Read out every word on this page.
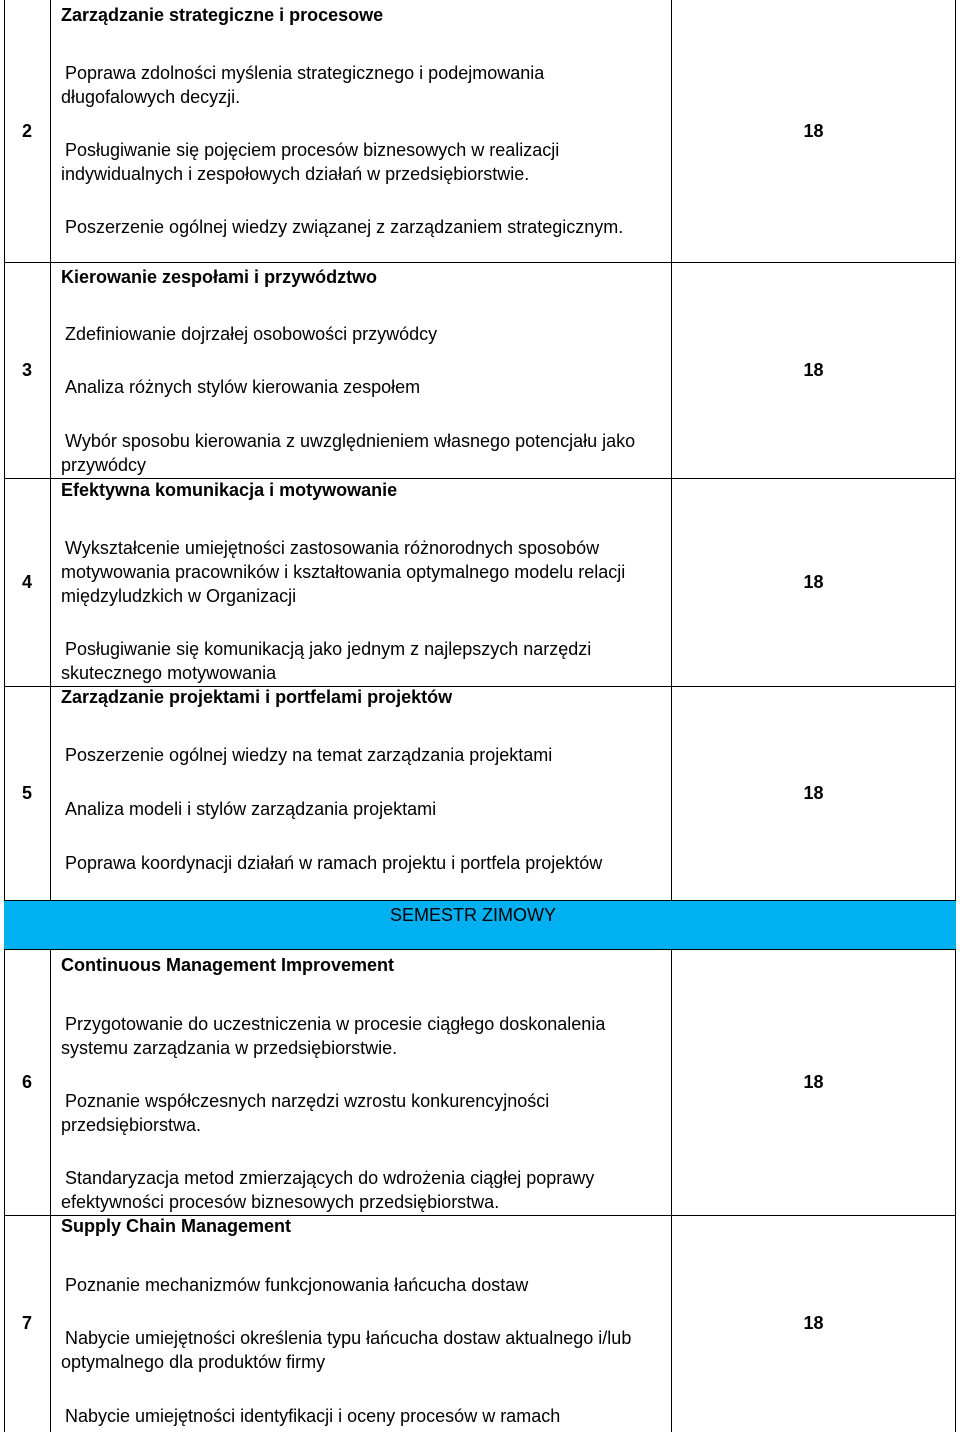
2
Zarządzanie strategiczne i procesowe
Poprawa zdolności myślenia strategicznego i podejmowania długofalowych decyzji.
Posługiwanie się pojęciem procesów biznesowych w realizacji indywidualnych i zespołowych działań w przedsiębiorstwie.
Poszerzenie ogólnej wiedzy związanej z zarządzaniem strategicznym.
18
3
Kierowanie zespołami i przywództwo
Zdefiniowanie dojrzałej osobowości przywódcy
Analiza różnych stylów kierowania zespołem
Wybór sposobu kierowania z uwzględnieniem własnego potencjału jako przywódcy
18
4
Efektywna komunikacja i motywowanie
Wykształcenie umiejętności zastosowania różnorodnych sposobów motywowania pracowników i kształtowania optymalnego modelu relacji międzyludzkich w Organizacji
Posługiwanie się komunikacją jako jednym z najlepszych narzędzi skutecznego motywowania
18
5
Zarządzanie projektami i portfelami projektów
Poszerzenie ogólnej wiedzy na temat zarządzania projektami
Analiza modeli i stylów zarządzania projektami
Poprawa koordynacji działań w ramach projektu i portfela projektów
18
SEMESTR ZIMOWY
6
Continuous Management Improvement
Przygotowanie do uczestniczenia w procesie ciągłego doskonalenia systemu zarządzania w przedsiębiorstwie.
Poznanie współczesnych narzędzi wzrostu konkurencyjności przedsiębiorstwa.
Standaryzacja metod zmierzających do wdrożenia ciągłej poprawy efektywności procesów biznesowych przedsiębiorstwa.
18
7
Supply Chain Management
Poznanie mechanizmów funkcjonowania łańcucha dostaw
Nabycie umiejętności określenia typu łańcucha dostaw aktualnego i/lub optymalnego dla produktów firmy
Nabycie umiejętności identyfikacji i oceny procesów w ramach
18
